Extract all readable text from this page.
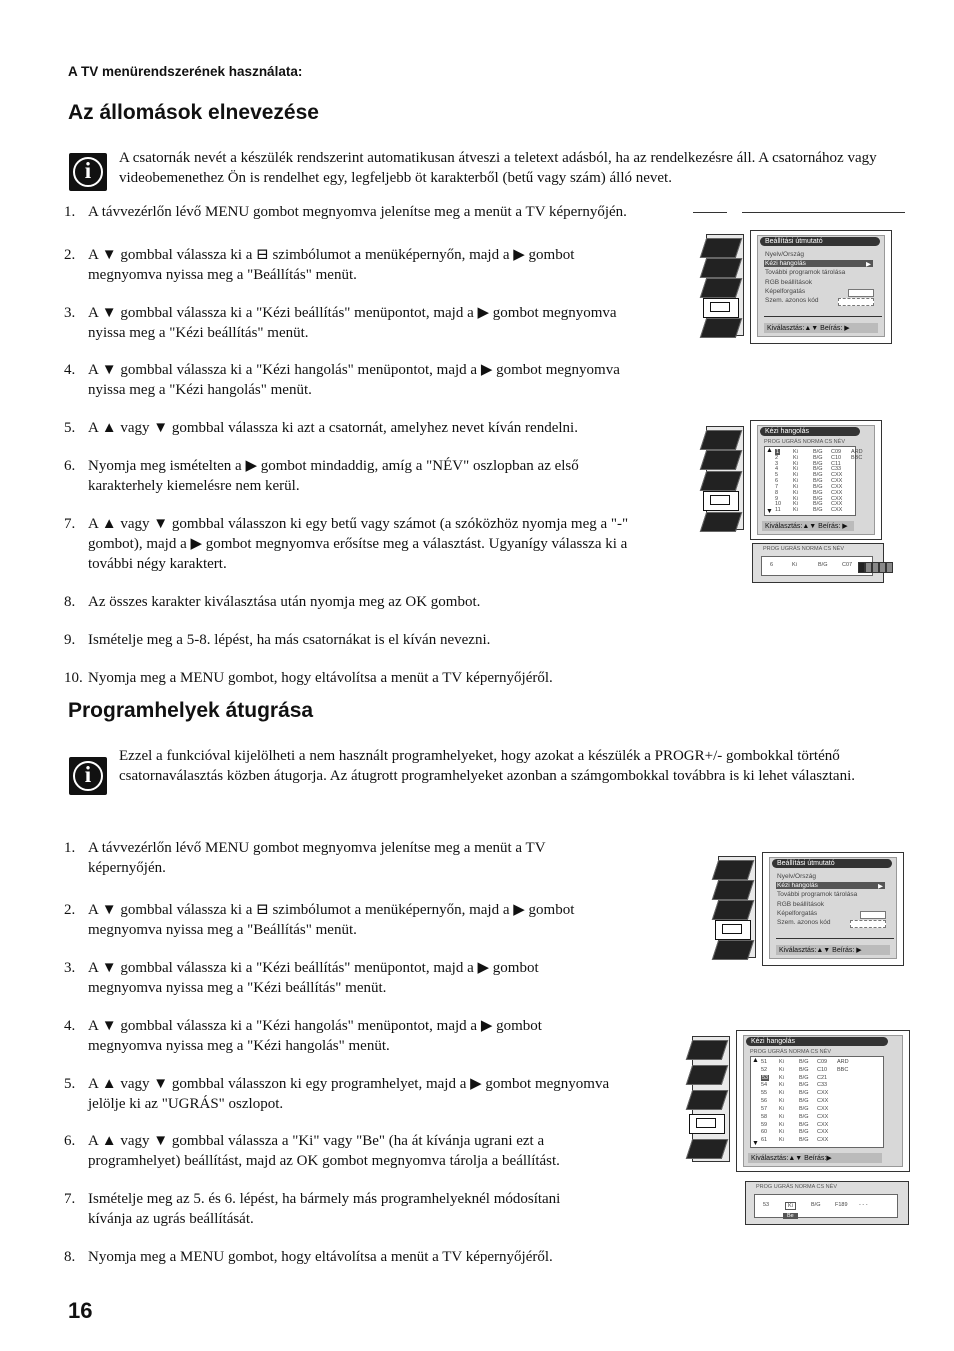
A TV menürendszerének használata:
Az állomások elnevezése
i	A csatornák nevét a készülék rendszerint automatikusan átveszi a teletext adásból, ha az rendelkezésre áll. A csatornához vagy videobemenethez Ön is rendelhet egy, legfeljebb öt karakterből (betű vagy szám) álló nevet.
1. A távvezérlőn lévő MENU gombot megnyomva jelenítse meg a menüt a TV képernyőjén.
2. A ▼ gombbal válassza ki a ⊟ szimbólumot a menüképernyőn, majd a ▶ gombot
megnyomva nyissa meg a "Beállítás" menüt.
3. A ▼ gombbal válassza ki a "Kézi beállítás" menüpontot, majd a ▶ gombot megnyomva
nyissa meg a "Kézi beállítás" menüt.
4. A ▼ gombbal válassza ki a "Kézi hangolás" menüpontot, majd a ▶ gombot megnyomva
nyissa meg a "Kézi hangolás" menüt.
5. A ▲ vagy ▼ gombbal válassza ki azt a csatornát, amelyhez nevet kíván rendelni.
6. Nyomja meg ismételten a ▶ gombot mindaddig, amíg a "NÉV" oszlopban az első
karakterhely kiemelésre nem kerül.
7. A ▲ vagy ▼ gombbal válasszon ki egy betű vagy számot (a szóközhöz nyomja meg a "-"
gombot), majd a ▶ gombot megnyomva erősítse meg a választást. Ugyanígy válassza ki a
további négy karaktert.
8. Az összes karakter kiválasztása után nyomja meg az OK gombot.
9. Ismételje meg a 5-8. lépést, ha más csatornákat is el kíván nevezni.
10. Nyomja meg a MENU gombot, hogy eltávolítsa a menüt a TV képernyőjéről.
Programhelyek átugrása
i
Ezzel a funkcióval kijelölheti a nem használt programhelyeket, hogy azokat a készülék a PROGR+/- gombokkal történő csatornaválasztás közben átugorja. Az átugrott programhelyeket azonban a számgombokkal továbbra is ki lehet választani.
1. A távvezérlőn lévő MENU gombot megnyomva jelenítse meg a menüt a TV
képernyőjén.
2. A ▼ gombbal válassza ki a ⊟ szimbólumot a menüképernyőn, majd a ▶ gombot
megnyomva nyissa meg a "Beállítás" menüt.
3. A ▼ gombbal válassza ki a "Kézi beállítás" menüpontot, majd a ▶ gombot
megnyomva nyissa meg a "Kézi beállítás" menüt.
4. A ▼ gombbal válassza ki a "Kézi hangolás" menüpontot, majd a ▶ gombot
megnyomva nyissa meg a "Kézi hangolás" menüt.
5. A ▲ vagy ▼ gombbal válasszon ki egy programhelyet, majd a ▶ gombot megnyomva
jelölje ki az "UGRÁS" oszlopot.
6. A ▲ vagy ▼ gombbal válassza a "Ki" vagy "Be" (ha át kívánja ugrani ezt a
programhelyet) beállítást, majd az OK gombot megnyomva tárolja a beállítást.
7. Ismételje meg az 5. és 6. lépést, ha bármely más programhelyeknél módosítani
kívánja az ugrás beállítását.
8. Nyomja meg a MENU gombot, hogy eltávolítsa a menüt a TV képernyőjéről.
Beállítási útmutató
Nyelv/Ország
Kézi hangolás	▶
További programok tárolása
RGB beállítások
Képelforgatás
Szem. azonos kód
Kiválasztás:▲▼ Beírás: ▶
Kézi hangolás
PROG UGRÁS NORMA CS NÉV
1	Ki	B/G C09 ARD
2	Ki	B/G C10 BBC
3	Ki	B/G C11
4	Ki	B/G C33
5	Ki	B/G CXX
6	Ki	B/G CXX
7	Ki	B/G CXX
8	Ki	B/G CXX
9	Ki	B/G CXX
10 Ki	B/G CXX
11 Ki	B/G CXX
▲
▼
Kiválasztás:▲▼ Beírás: ▶
PROG UGRÁS NORMA CS NÉV
6	Ki	B/G	C07
Beállítási útmutató
Nyelv/Ország
Kézi hangolás	▶
További programok tárolása
RGB beállítások
Képelforgatás
Szem. azonos kód
Kiválasztás:▲▼ Beírás: ▶
Kézi hangolás
PROG UGRÁS NORMA CS NÉV
51 Ki	B/G C09 ARD
52 Ki	B/G C10 BBC
53 Ki	B/G C21
54 Ki	B/G C33
55 Ki	B/G CXX
56 Ki	B/G CXX
57 Ki	B/G CXX
58 Ki	B/G CXX
59 Ki	B/G CXX
60 Ki	B/G CXX
61 Ki	B/G CXX
▲
▼
Kiválasztás:▲▼ Beírás:▶
PROG UGRÁS NORMA CS NÉV
53	Ki	B/G	F189 - - -
Be
16
